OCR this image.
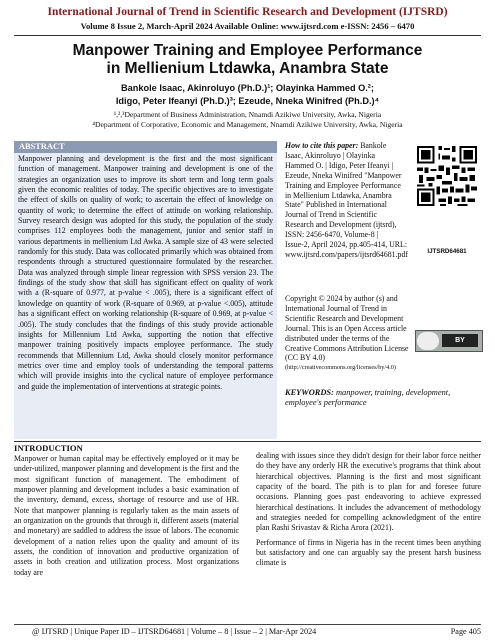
International Journal of Trend in Scientific Research and Development (IJTSRD)
Volume 8 Issue 2, March-April 2024 Available Online: www.ijtsrd.com e-ISSN: 2456 – 6470
Manpower Training and Employee Performance
in Mellienium Ltdawka, Anambra State
Bankole Isaac, Akinroluyo (Ph.D.)¹; Olayinka Hammed O.²;
Idigo, Peter Ifeanyi (Ph.D.)³; Ezeude, Nneka Winifred (Ph.D.)⁴
¹,²,³Department of Business Administration, Nnamdi Azikiwe University, Awka, Nigeria
⁴Department of Corporative, Economic and Management, Nnamdi Azikiwe University, Awka, Nigeria
ABSTRACT
Manpower planning and development is the first and the most significant function of management. Manpower training and development is one of the strategies an organization uses to improve its short term and long term goals given the economic realities of today. The specific objectives are to investigate the effect of skills on quality of work; to ascertain the effect of knowledge on quantity of work; to determine the effect of attitude on working relationship. Survey research design was adopted for this study, the population of the study comprises 112 employees both the management, junior and senior staff in various departments in mellienium Ltd Awka. A sample size of 43 were selected randomly for this study. Data was collocated primarily which was obtained from respondents through a structured questionnaire formulated by the researcher. Data was analyzed through simple linear regression with SPSS version 23. The findings of the study show that skill has significant effect on quality of work with a (R-square of 0.977, at p-value < .005), there is a significant effect of knowledge on quantity of work (R-square of 0.969, at p-value <.005), attitude has a significant effect on working relationship (R-square of 0.969, at p-value < .005). The study concludes that the findings of this study provide actionable insights for Millennium Ltd Awka, supporting the notion that effective manpower training positively impacts employee performance. The study recommends that Millennium Ltd, Awka should closely monitor performance metrics over time and employ tools of understanding the temporal patterns which will provide insights into the cyclical nature of employee performance and guide the implementation of interventions at strategic points.
How to cite this paper: Bankole Isaac, Akinroluyo | Olayinka Hammed O. | Idigo, Peter Ifeanyi | Ezeude, Nneka Winifred "Manpower Training and Employee Performance in Mellienium Ltdawka, Anambra State" Published in International Journal of Trend in Scientific Research and Development (ijtsrd), ISSN: 2456-6470, Volume-8 |
Issue-2, April 2024, pp.405-414, URL: www.ijtsrd.com/papers/ijtsrd64681.pdf	IJTSRD64681
Copyright © 2024 by author (s) and International Journal of Trend in Scientific Research and Development Journal. This is an Open Access article distributed under the terms of the Creative Commons Attribution License (CC BY 4.0)
(http://creativecommons.org/licenses/by/4.0)
BY
KEYWORDS: manpower, training, development, employee's performance
INTRODUCTION

Manpower or human capital may be effectively employed or it may be under-utilized, manpower planning and development is the first and the most significant function of management. The embodiment of manpower planning and development includes a basic examination of the inventory, demand, excess, shortage of resource and use of HR. Note that manpower planning is regularly taken as the main assets of an organization on the grounds that through it, different assets (material and monetary) are saddled to address the issue of labors. The economic development of a nation relies upon the quality and amount of its assets, the condition of innovation and productive organization of assets in both creation and utilization process. Most organizations today are

dealing with issues since they didn't design for their labor force neither do they have any orderly HR the executive's programs that think about hierarchical objectives. Planning is the first and most significant capacity of the board. The pith is to plan for and foresee future occasions. Planning goes past endeavoring to achieve expressed hierarchical destinations. It includes the advancement of methodology and strategies needed for compelling acknowledgment of the entire plan Rashi Srivastav & Richa Arora (2021).

Performance of firms in Nigeria has in the recent times been anything but satisfactory and one can arguably say the present harsh business climate is

@ IJTSRD | Unique Paper ID – IJTSRD64681 | Volume – 8 | Issue – 2 | Mar-Apr 2024	Page 405
